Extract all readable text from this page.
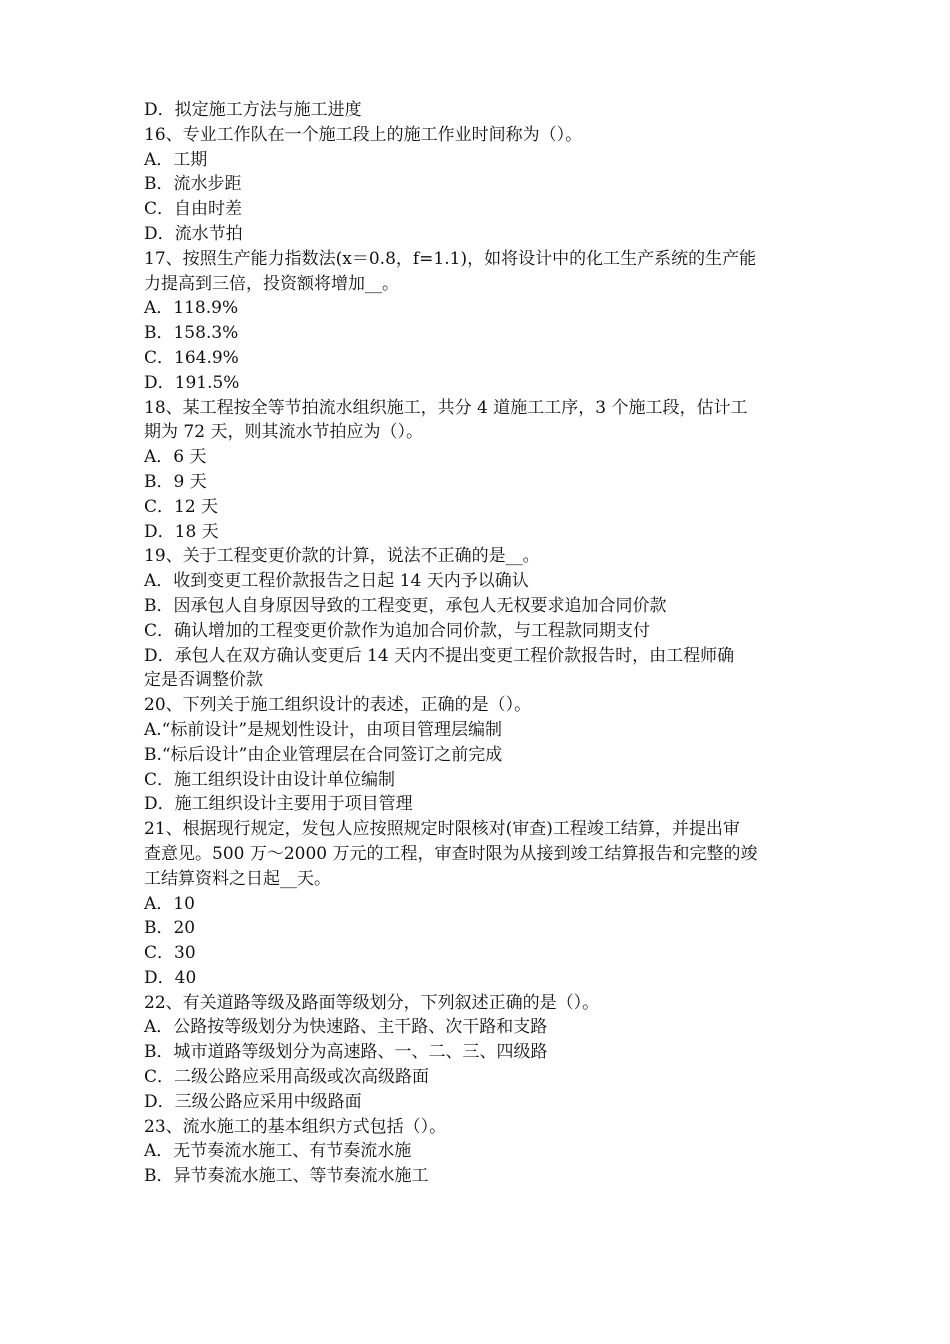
D．拟定施工方法与施工进度
16、专业工作队在一个施工段上的施工作业时间称为（）。
A．工期
B．流水步距
C．自由时差
D．流水节拍
17、按照生产能力指数法(x＝0.8，f=1.1)，如将设计中的化工生产系统的生产能
力提高到三倍，投资额将增加__。
A．118.9%
B．158.3%
C．164.9%
D．191.5%
18、某工程按全等节拍流水组织施工，共分 4 道施工工序，3 个施工段，估计工
期为 72 天，则其流水节拍应为（）。
A．6 天
B．9 天
C．12 天
D．18 天
19、关于工程变更价款的计算，说法不正确的是__。
A．收到变更工程价款报告之日起 14 天内予以确认
B．因承包人自身原因导致的工程变更，承包人无权要求追加合同价款
C．确认增加的工程变更价款作为追加合同价款，与工程款同期支付
D．承包人在双方确认变更后 14 天内不提出变更工程价款报告时，由工程师确
定是否调整价款
20、下列关于施工组织设计的表述，正确的是（）。
A.“标前设计”是规划性设计，由项目管理层编制
B.“标后设计”由企业管理层在合同签订之前完成
C．施工组织设计由设计单位编制
D．施工组织设计主要用于项目管理
21、根据现行规定，发包人应按照规定时限核对(审查)工程竣工结算，并提出审
查意见。500 万～2000 万元的工程，审查时限为从接到竣工结算报告和完整的竣
工结算资料之日起__天。
A．10
B．20
C．30
D．40
22、有关道路等级及路面等级划分，下列叙述正确的是（）。
A．公路按等级划分为快速路、主干路、次干路和支路
B．城市道路等级划分为高速路、一、二、三、四级路
C．二级公路应采用高级或次高级路面
D．三级公路应采用中级路面
23、流水施工的基本组织方式包括（）。
A．无节奏流水施工、有节奏流水施
B．异节奏流水施工、等节奏流水施工
